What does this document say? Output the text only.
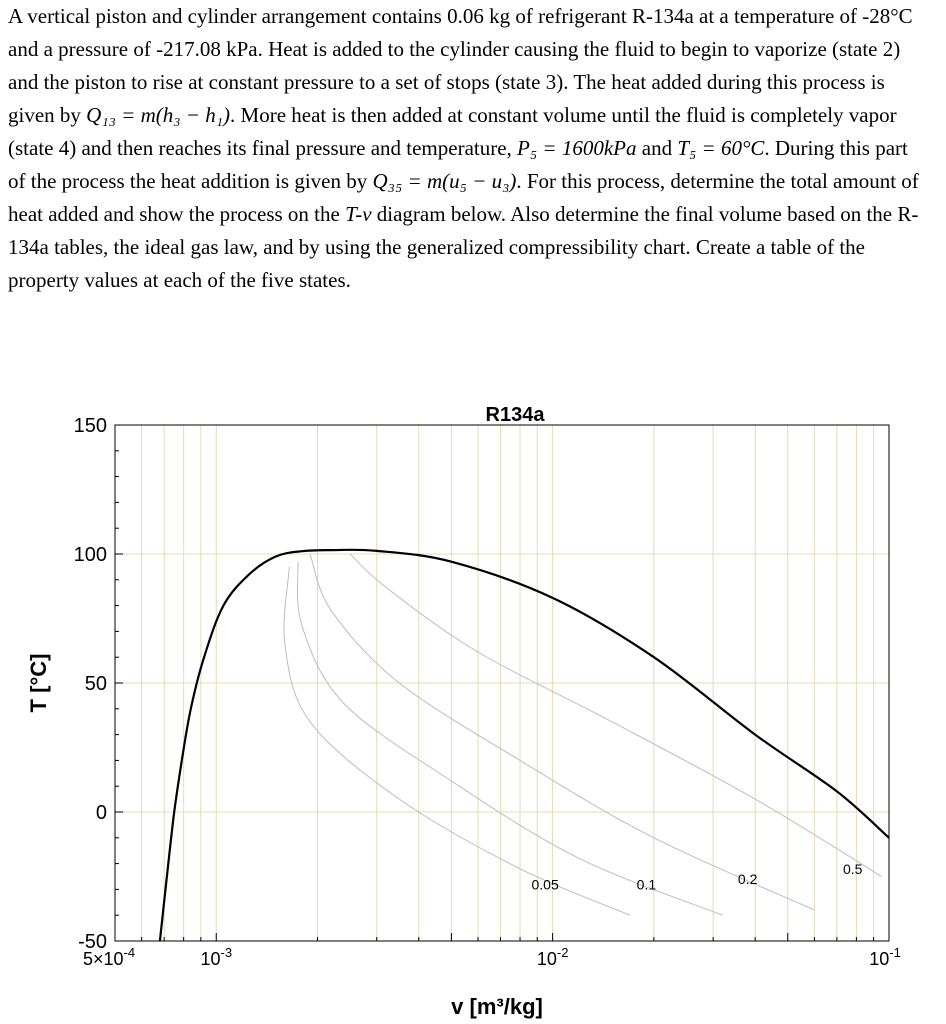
A vertical piston and cylinder arrangement contains 0.06 kg of refrigerant R-134a at a temperature of -28°C and a pressure of -217.08 kPa. Heat is added to the cylinder causing the fluid to begin to vaporize (state 2) and the piston to rise at constant pressure to a set of stops (state 3). The heat added during this process is given by Q₁₃ = m(h₃ − h₁). More heat is then added at constant volume until the fluid is completely vapor (state 4) and then reaches its final pressure and temperature, P₅ = 1600kPa and T₅ = 60°C. During this part of the process the heat addition is given by Q₃₅ = m(u₅ − u₃). For this process, determine the total amount of heat added and show the process on the T-v diagram below. Also determine the final volume based on the R-134a tables, the ideal gas law, and by using the generalized compressibility chart. Create a table of the property values at each of the five states.

-50
0
50
100
150
$5\times 10^{-4}$	$10^{-3}$	$10^{-2}$	$10^{-1}$
0.05	0.1	0.2
0.5
R134a
v [m³/kg]
T [°C]
